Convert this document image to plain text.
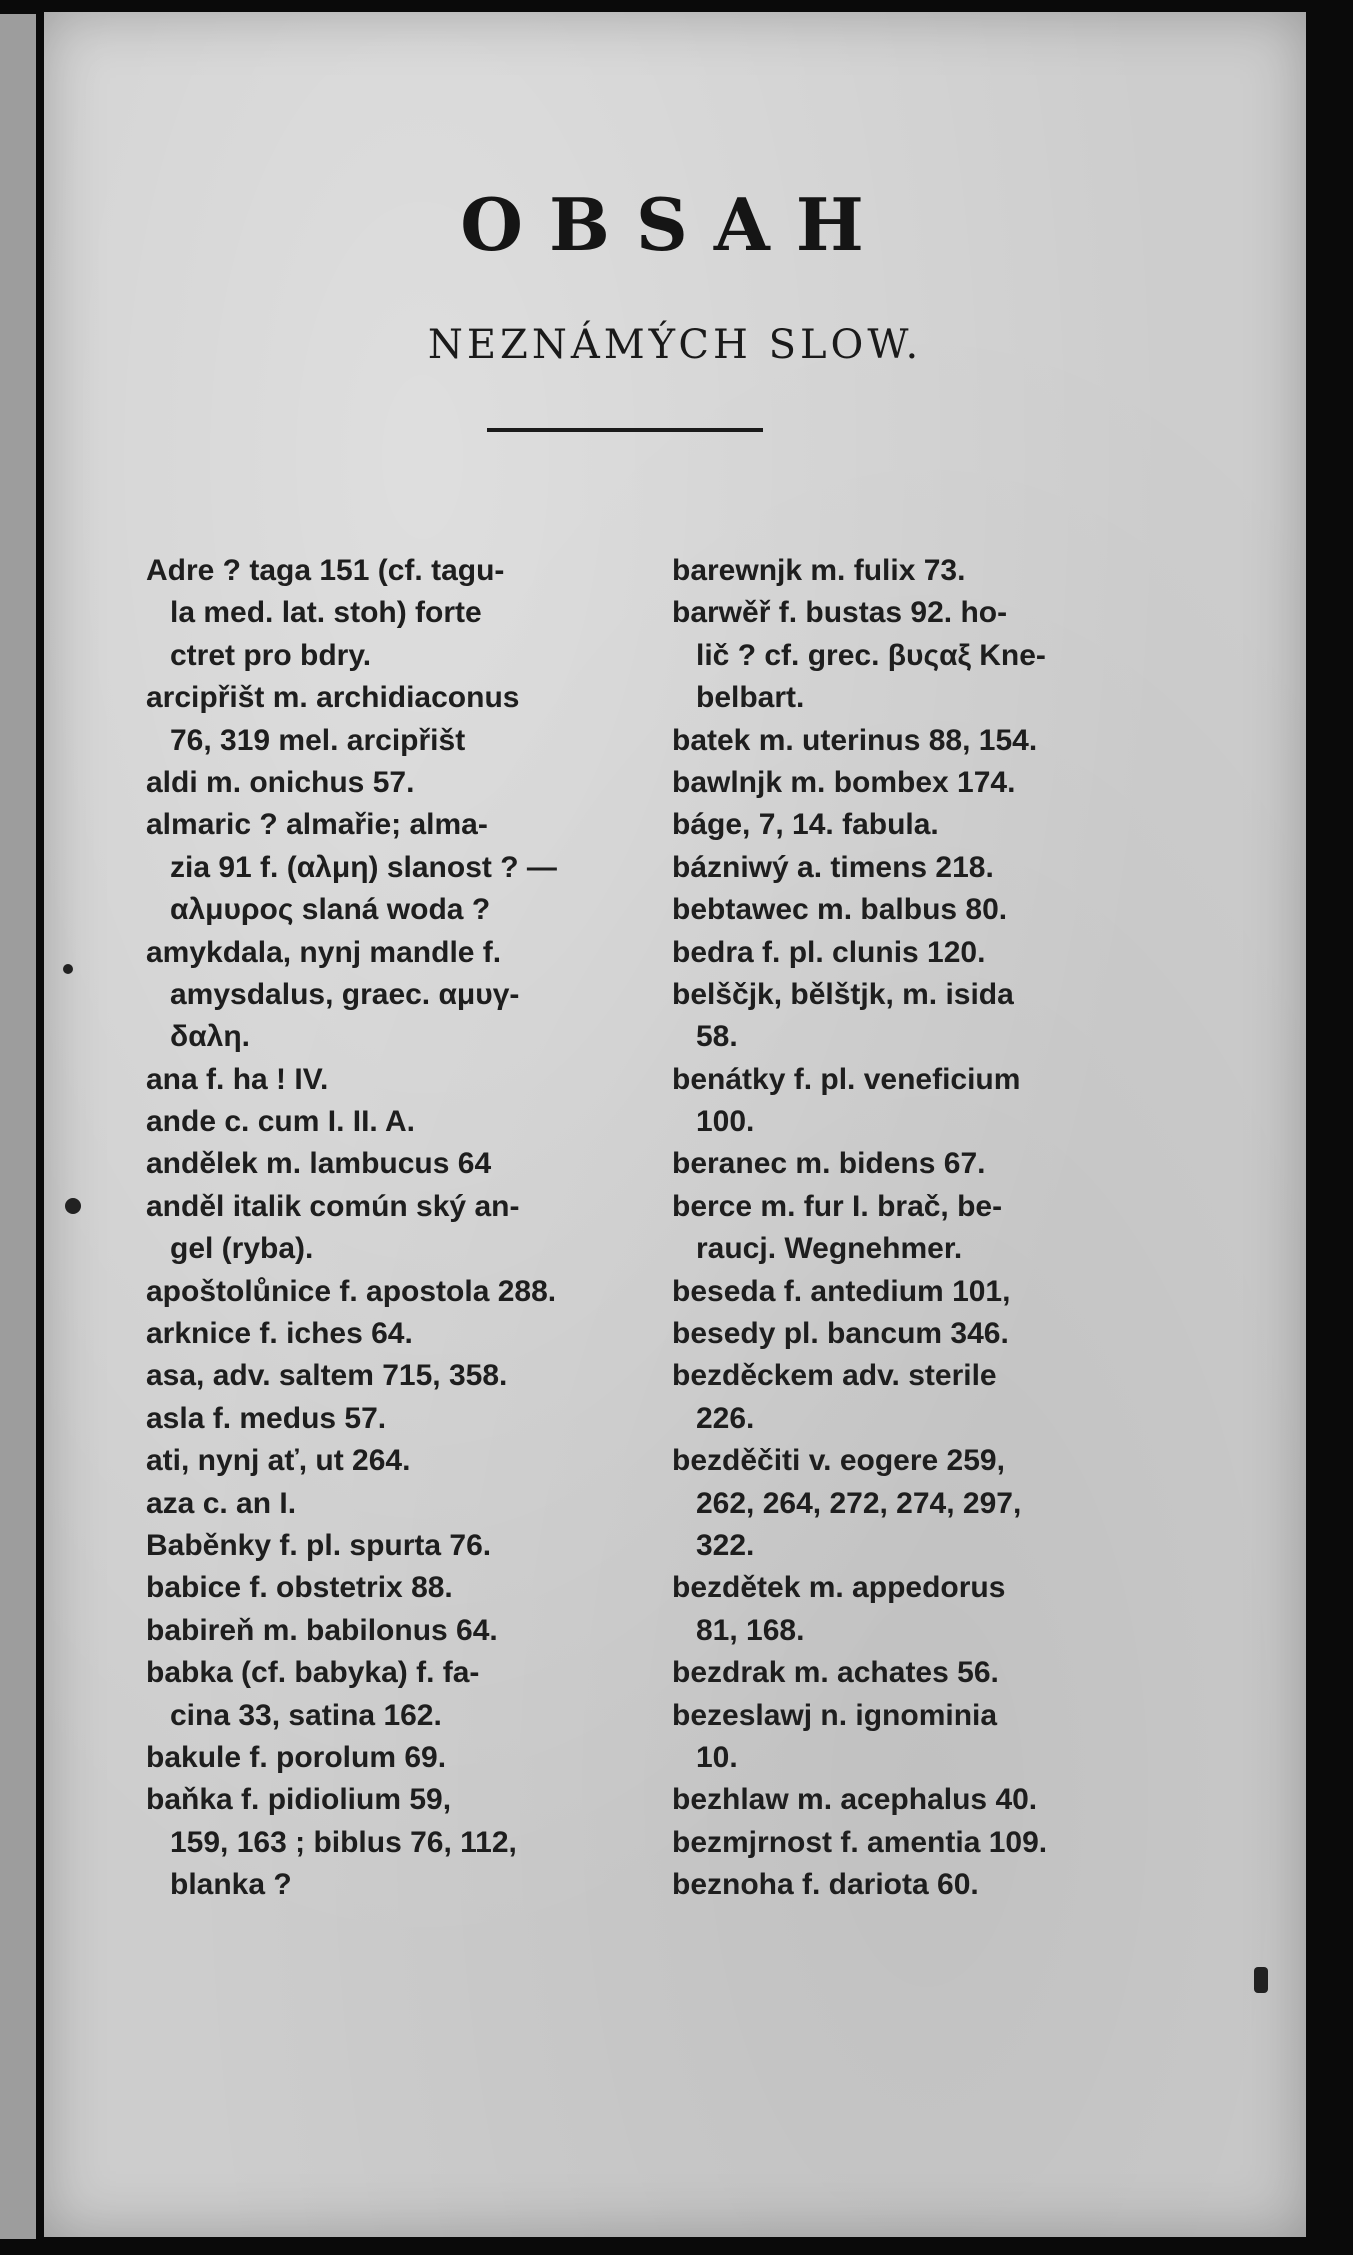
OBSAH
NEZNÁMÝCH SLOW.
Adre ? taga 151 (cf. tagu-
la med. lat. stoh) forte
ctret pro bdry.
arcipřišt m. archidiaconus
76, 319 mel. arcipřišt
aldi m. onichus 57.
almaric ? almařie; alma-
zia 91 f. (αλμη) slanost ? —
αλμυρος slaná woda ?
amykdala, nynj mandle f.
amysdalus, graec. αμυγ-
δαλη.
ana f. ha ! IV.
ande c. cum I. II. A.
andělek m. lambucus 64
anděl italik común ský an-
gel (ryba).
apoštolůnice f. apostola 288.
arknice f. iches 64.
asa, adv. saltem 715, 358.
asla f. medus 57.
ati, nynj ať, ut 264.
aza c. an I.
Baběnky f. pl. spurta 76.
babice f. obstetrix 88.
babireň m. babilonus 64.
babka (cf. babyka) f. fa-
cina 33, satina 162.
bakule f. porolum 69.
baňka f. pidiolium 59,
159, 163 ; biblus 76, 112,
blanka ?
barewnjk m. fulix 73.
barwěř f. bustas 92. ho-
lič ? cf. grec. βυςαξ Kne-
belbart.
batek m. uterinus 88, 154.
bawlnjk m. bombex 174.
báge, 7, 14. fabula.
bázniwý a. timens 218.
bebtawec m. balbus 80.
bedra f. pl. clunis 120.
belščjk, bělštjk, m. isida
58.
benátky f. pl. veneficium
100.
beranec m. bidens 67.
berce m. fur I. brač, be-
raucj. Wegnehmer.
beseda f. antedium 101,
besedy pl. bancum 346.
bezděckem adv. sterile
226.
bezděčiti v. eogere 259,
262, 264, 272, 274, 297,
322.
bezdětek m. appedorus
81, 168.
bezdrak m. achates 56.
bezeslawj n. ignominia
10.
bezhlaw m. acephalus 40.
bezmjrnost f. amentia 109.
beznoha f. dariota 60.
